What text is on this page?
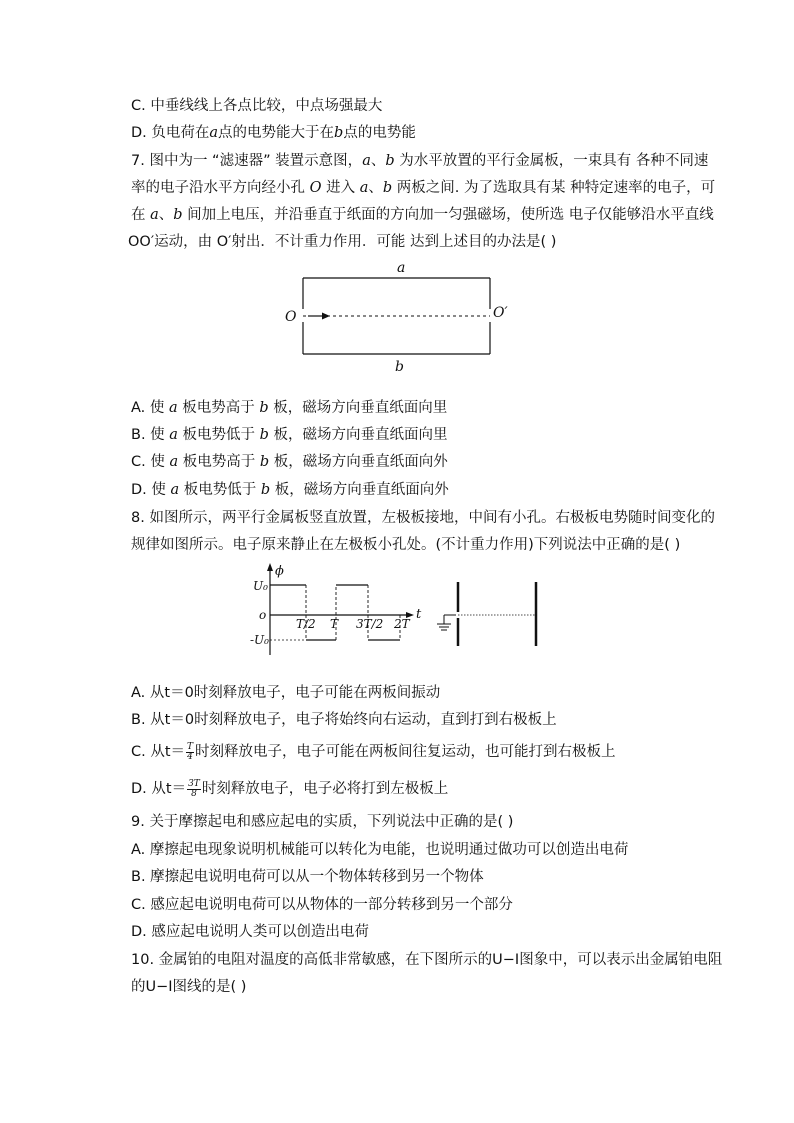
C. 中垂线线上各点比较，中点场强最大
D. 负电荷在a点的电势能大于在b点的电势能
7. 图中为一 “滤速器” 装置示意图，a、b 为水平放置的平行金属板，一束具有 各种不同速
率的电子沿水平方向经小孔 O 进入 a、b 两板之间. 为了选取具有某 种特定速率的电子，可
在 a、b 间加上电压，并沿垂直于纸面的方向加一匀强磁场，使所选 电子仅能够沿水平直线
OO′运动，由 O′射出．不计重力作用．可能 达到上述目的办法是( )
a
O	O′
b
A. 使 a 板电势高于 b 板，磁场方向垂直纸面向里
B. 使 a 板电势低于 b 板，磁场方向垂直纸面向里
C. 使 a 板电势高于 b 板，磁场方向垂直纸面向外
D. 使 a 板电势低于 b 板，磁场方向垂直纸面向外
8. 如图所示，两平行金属板竖直放置，左极板接地，中间有小孔。右极板电势随时间变化的
规律如图所示。电子原来静止在左极板小孔处。(不计重力作用)下列说法中正确的是( )
ϕ
t
U₀
o
-U₀
T/2 T 3T/2 2T
A. 从t＝0时刻释放电子，电子可能在两板间振动
B. 从t＝0时刻释放电子，电子将始终向右运动，直到打到右极板上
C. 从$t= \frac{T}{4}$ 时刻释放电子，电子可能在两板间往复运动，也可能打到右极板上
D. 从$t= \frac{3T}{8}$ 时刻释放电子，电子必将打到左极板上
9. 关于摩擦起电和感应起电的实质，下列说法中正确的是( )
A. 摩擦起电现象说明机械能可以转化为电能，也说明通过做功可以创造出电荷
B. 摩擦起电说明电荷可以从一个物体转移到另一个物体
C. 感应起电说明电荷可以从物体的一部分转移到另一个部分
D. 感应起电说明人类可以创造出电荷
10. 金属铂的电阻对温度的高低非常敏感，在下图所示的U−I图象中，可以表示出金属铂电阻
的U−I图线的是( )
